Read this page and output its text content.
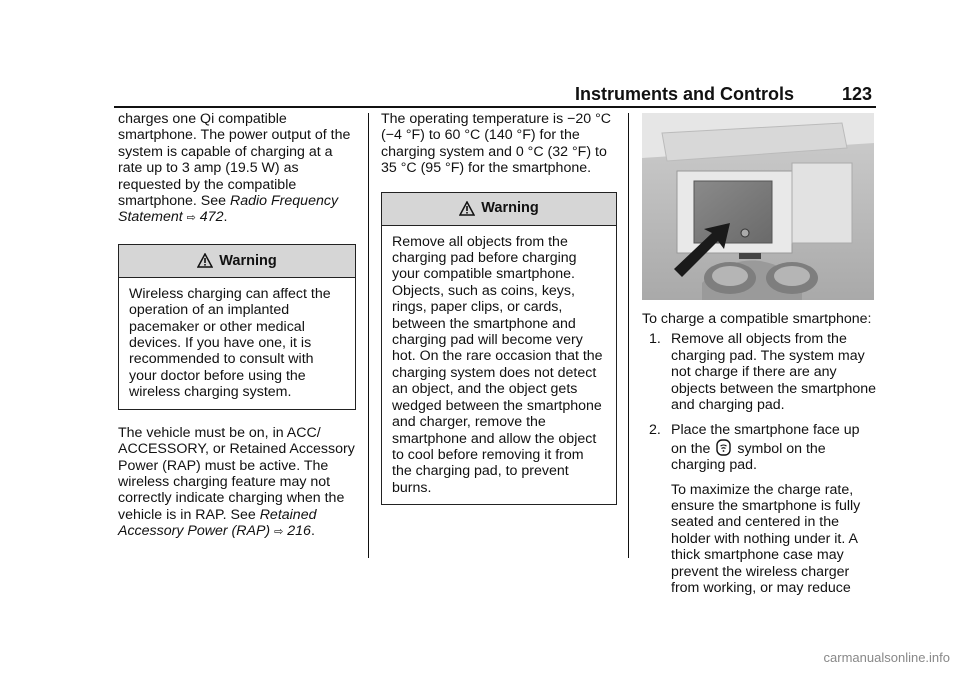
Instruments and Controls	123

charges one Qi compatible smartphone. The power output of the system is capable of charging at a rate up to 3 amp (19.5 W) as requested by the compatible smartphone. See Radio Frequency Statement ⇨ 472.

Warning
Wireless charging can affect the operation of an implanted pacemaker or other medical devices. If you have one, it is recommended to consult with your doctor before using the wireless charging system.

The vehicle must be on, in ACC/ ACCESSORY, or Retained Accessory Power (RAP) must be active. The wireless charging feature may not correctly indicate charging when the vehicle is in RAP. See Retained Accessory Power (RAP) ⇨ 216.

The operating temperature is −20 °C (−4 °F) to 60 °C (140 °F) for the charging system and 0 °C (32 °F) to 35 °C (95 °F) for the smartphone.

Warning
Remove all objects from the charging pad before charging your compatible smartphone. Objects, such as coins, keys, rings, paper clips, or cards, between the smartphone and charging pad will become very hot. On the rare occasion that the charging system does not detect an object, and the object gets wedged between the smartphone and charger, remove the smartphone and allow the object to cool before removing it from the charging pad, to prevent burns.

To charge a compatible smartphone:

1. Remove all objects from the charging pad. The system may not charge if there are any objects between the smartphone and charging pad.
2. Place the smartphone face up on the symbol on the charging pad.
To maximize the charge rate, ensure the smartphone is fully seated and centered in the holder with nothing under it. A thick smartphone case may prevent the wireless charger from working, or may reduce
carmanualsonline.info
